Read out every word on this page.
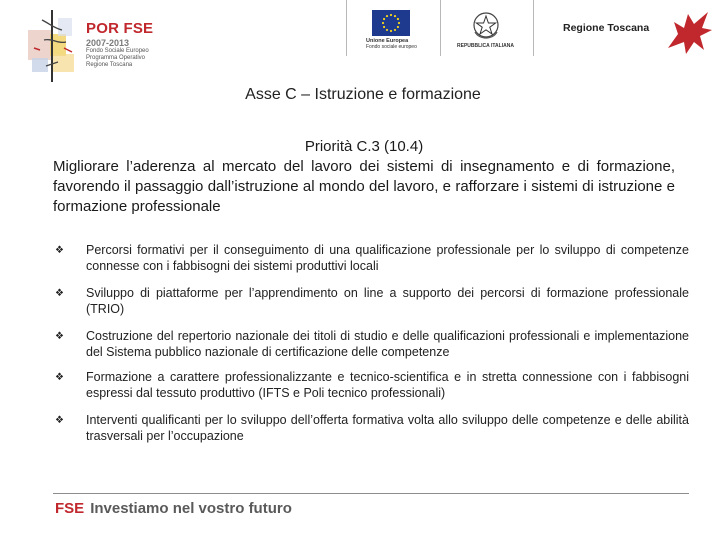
POR FSE
2007-2013
Fondo Sociale Europeo
Programma Operativo
Regione Toscana
Unione Europea
Fondo sociale europeo	REPUBBLICA ITALIANA
Regione Toscana
Asse C – Istruzione e formazione
Priorità C.3 (10.4)
Migliorare l’aderenza al mercato del lavoro dei sistemi di insegnamento e di formazione, favorendo il passaggio dall’istruzione al mondo del lavoro, e rafforzare i sistemi di istruzione e formazione professionale
❖	Percorsi formativi per il conseguimento di una qualificazione professionale per lo sviluppo di competenze connesse con i fabbisogni dei sistemi produttivi locali
❖	Sviluppo di piattaforme per l’apprendimento on line a supporto dei percorsi di formazione professionale (TRIO)
❖	Costruzione del repertorio nazionale dei titoli di studio e delle qualificazioni professionali e implementazione del Sistema pubblico nazionale di certificazione delle competenze
❖	Formazione a carattere professionalizzante e tecnico-scientifica e in stretta connessione con i fabbisogni espressi dal tessuto produttivo (IFTS e Poli tecnico professionali)
❖	Interventi qualificanti per lo sviluppo dell’offerta formativa volta allo sviluppo delle competenze e delle abilità trasversali per l’occupazione
FSE Investiamo nel vostro futuro
